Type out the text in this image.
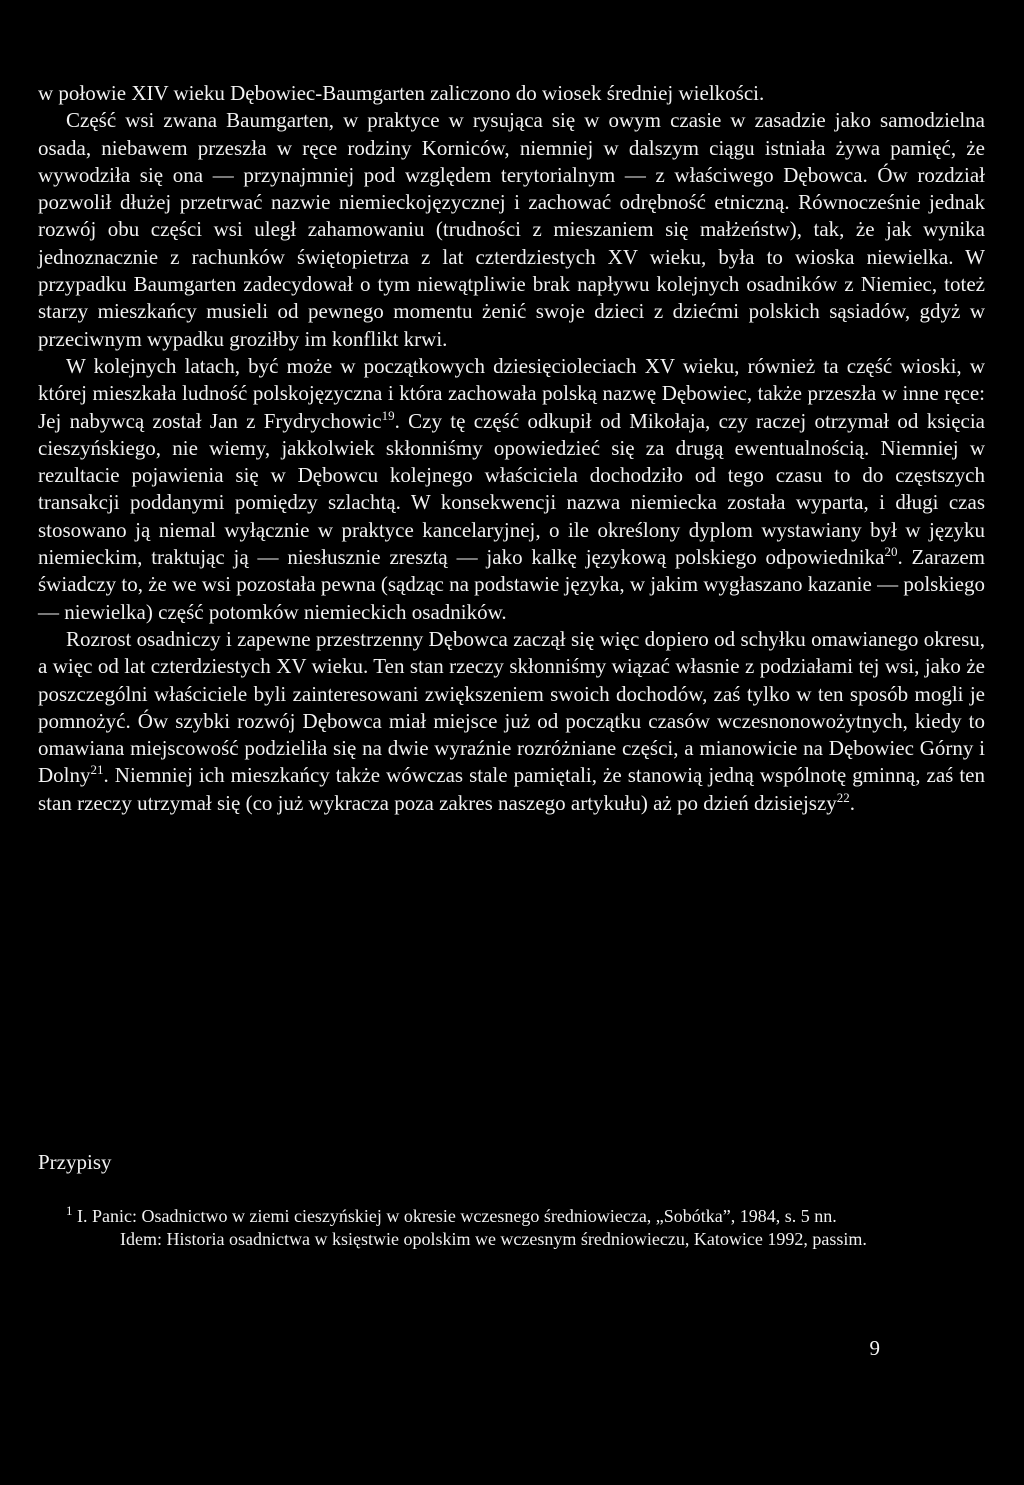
w połowie XIV wieku Dębowiec-Baumgarten zaliczono do wiosek średniej wielkości.

Część wsi zwana Baumgarten, w praktyce w rysująca się w owym czasie w zasadzie jako samodzielna osada, niebawem przeszła w ręce rodziny Korniców, niemniej w dalszym ciągu istniała żywa pamięć, że wywodziła się ona — przynajmniej pod względem terytorialnym — z właściwego Dębowca. Ów rozdział pozwolił dłużej przetrwać nazwie niemieckojęzycznej i zachować odrębność etniczną. Równocześnie jednak rozwój obu części wsi uległ zahamowaniu (trudności z mieszaniem się małżeństw), tak, że jak wynika jednoznacznie z rachunków świętopietrza z lat czterdziestych XV wieku, była to wioska niewielka. W przypadku Baumgarten zadecydował o tym niewątpliwie brak napływu kolejnych osadników z Niemiec, toteż starzy mieszkańcy musieli od pewnego momentu żenić swoje dzieci z dziećmi polskich sąsiadów, gdyż w przeciwnym wypadku groziłby im konflikt krwi.

W kolejnych latach, być może w początkowych dziesięcioleciach XV wieku, również ta część wioski, w której mieszkała ludność polskojęzyczna i która zachowała polską nazwę Dębowiec, także przeszła w inne ręce: Jej nabywcą został Jan z Frydrychowic$^{19}$. Czy tę część odkupił od Mikołaja, czy raczej otrzymał od księcia cieszyńskiego, nie wiemy, jakkolwiek skłonniśmy opowiedzieć się za drugą ewentualnością. Niemniej w rezultacie pojawienia się w Dębowcu kolejnego właściciela dochodziło od tego czasu to do częstszych transakcji poddanymi pomiędzy szlachtą. W konsekwencji nazwa niemiecka została wyparta, i długi czas stosowano ją niemal wyłącznie w praktyce kancelaryjnej, o ile określony dyplom wystawiany był w języku niemieckim, traktując ją — niesłusznie zresztą — jako kalkę językową polskiego odpowiednika$^{20}$. Zarazem świadczy to, że we wsi pozostała pewna (sądząc na podstawie języka, w jakim wygłaszano kazanie — polskiego — niewielka) część potomków niemieckich osadników.

Rozrost osadniczy i zapewne przestrzenny Dębowca zaczął się więc dopiero od schyłku omawianego okresu, a więc od lat czterdziestych XV wieku. Ten stan rzeczy skłonniśmy wiązać własnie z podziałami tej wsi, jako że poszczególni właściciele byli zainteresowani zwiększeniem swoich dochodów, zaś tylko w ten sposób mogli je pomnożyć. Ów szybki rozwój Dębowca miał miejsce już od początku czasów wczesnonowożytnych, kiedy to omawiana miejscowość podzieliła się na dwie wyraźnie rozróżniane części, a mianowicie na Dębowiec Górny i Dolny$^{21}$. Niemniej ich mieszkańcy także wówczas stale pamiętali, że stanowią jedną wspólnotę gminną, zaś ten stan rzeczy utrzymał się (co już wykracza poza zakres naszego artykułu) aż po dzień dzisiejszy$^{22}$.

Przypisy

$^1$ I. Panic: Osadnictwo w ziemi cieszyńskiej w okresie wczesnego średniowiecza, „Sobótka”, 1984, s. 5 nn.

Idem: Historia osadnictwa w księstwie opolskim we wczesnym średniowieczu, Katowice 1992, passim.

9
